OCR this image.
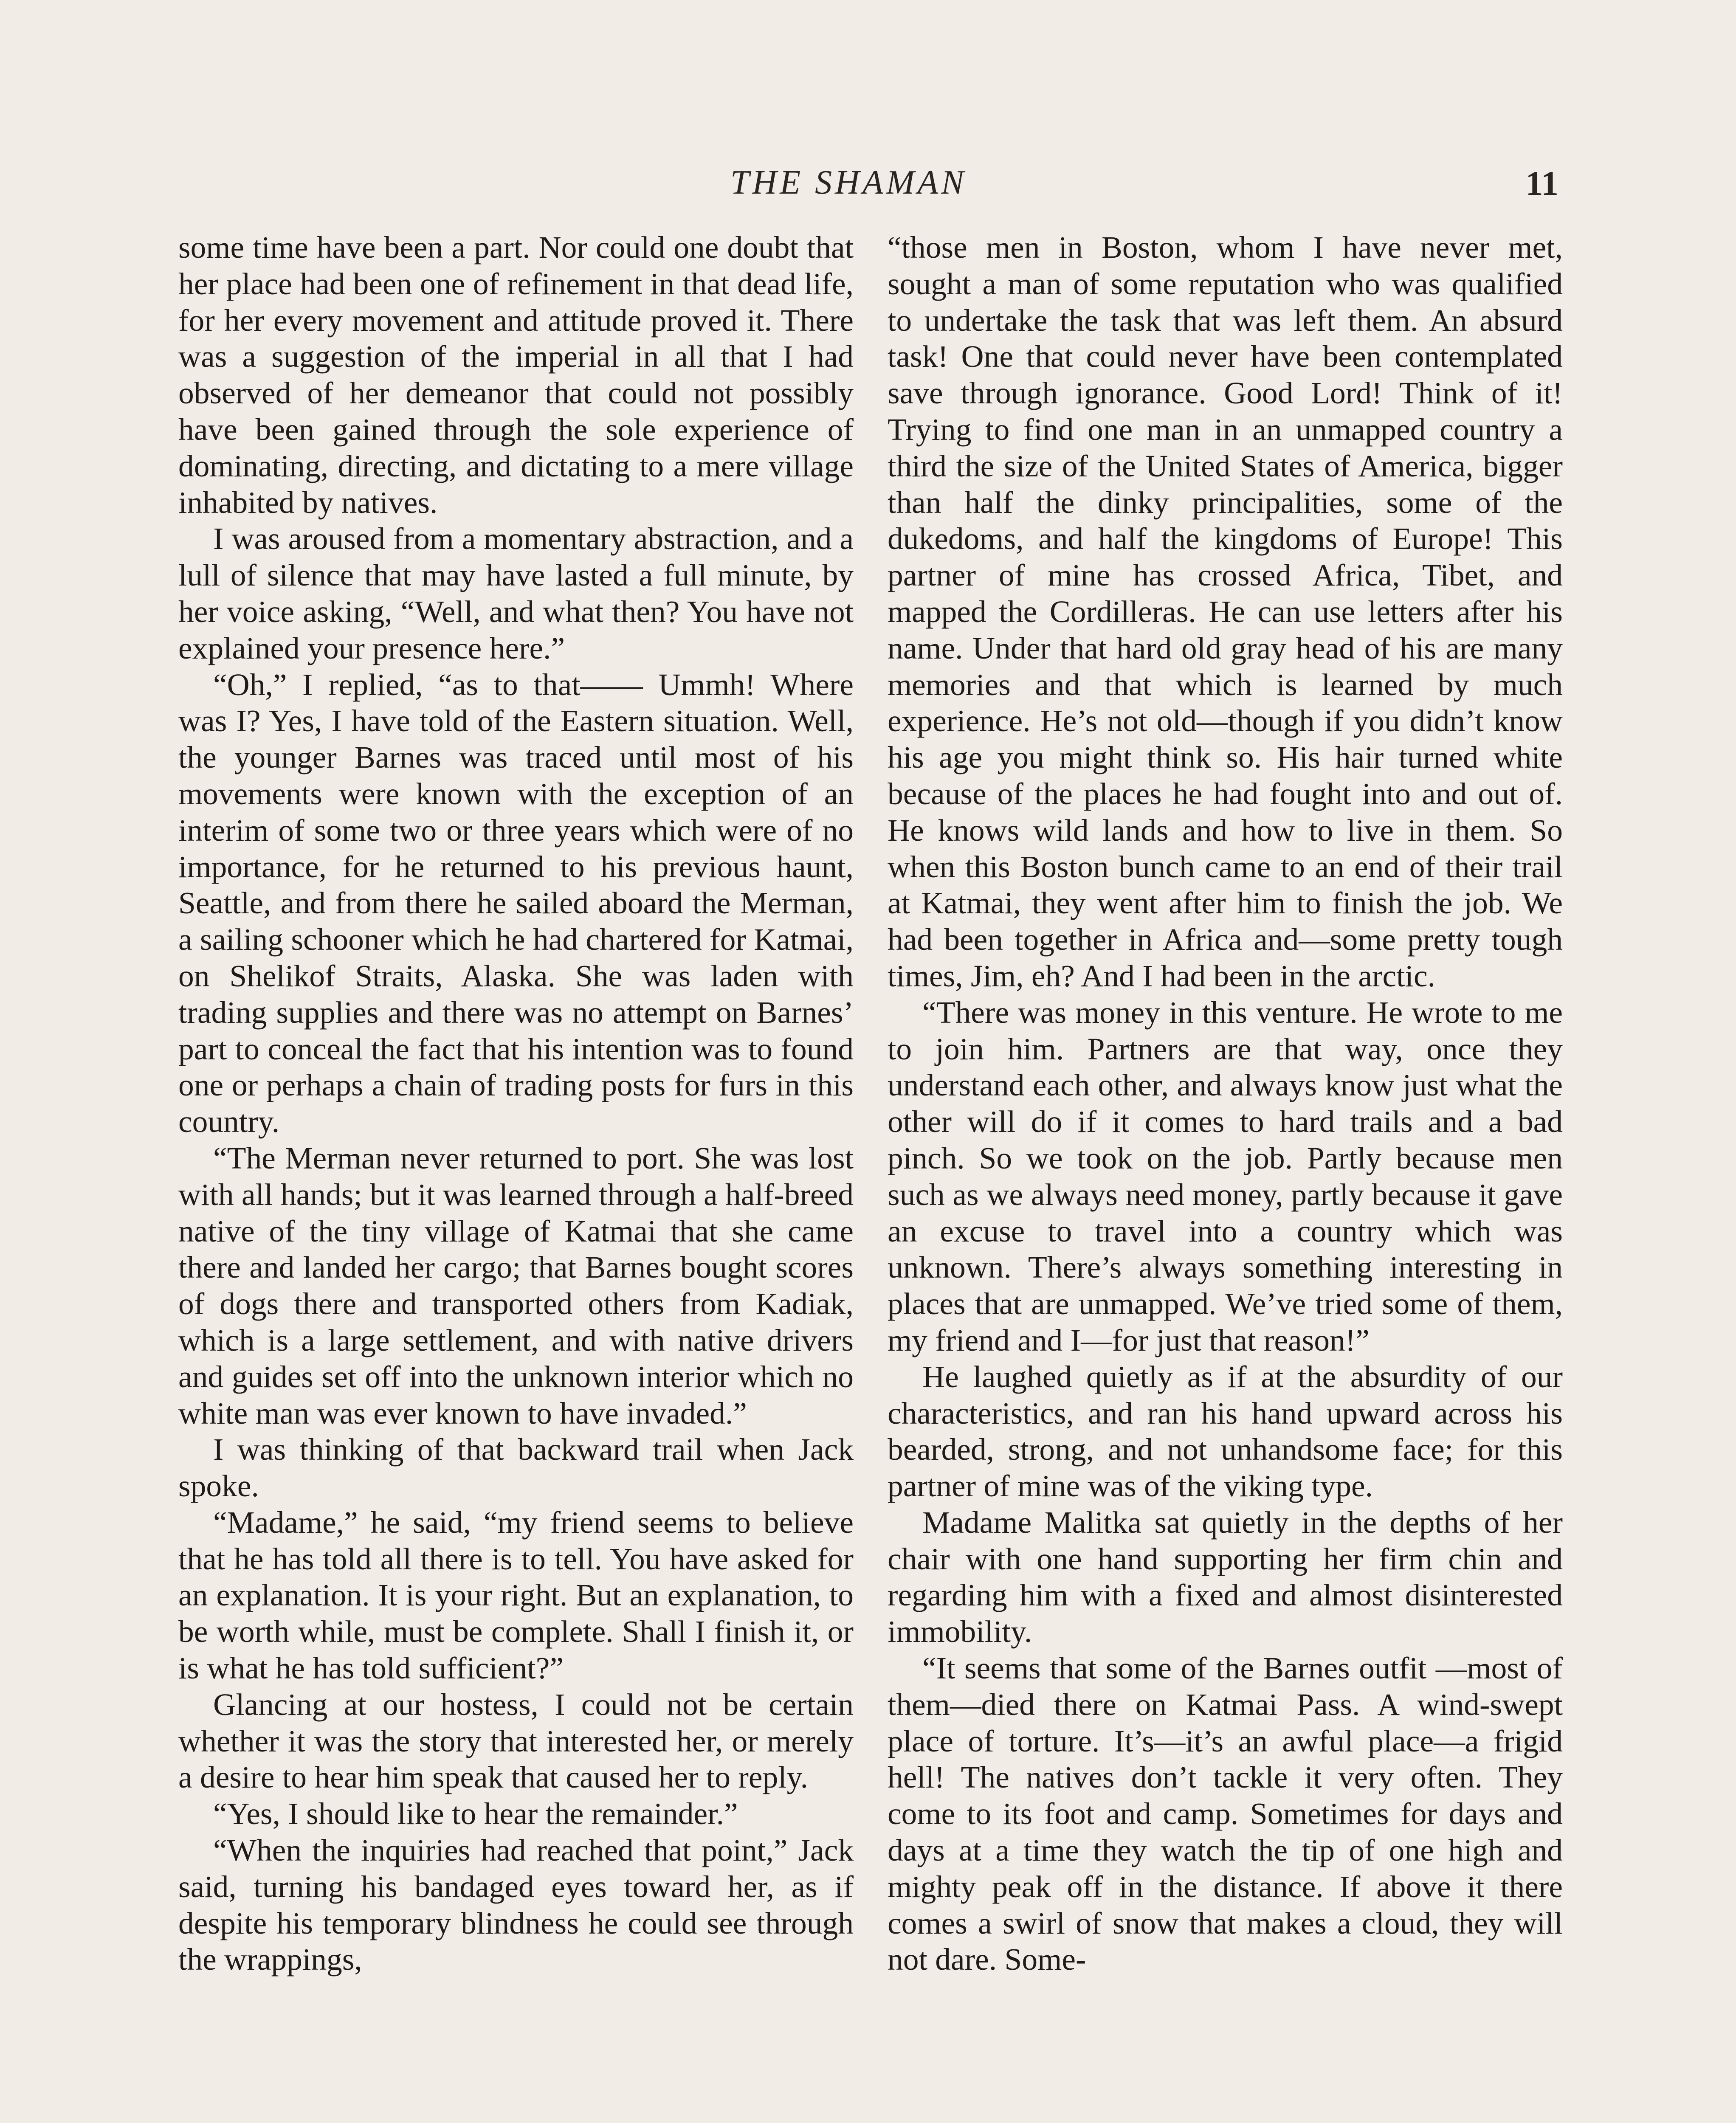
THE SHAMAN	11

some time have been a part. Nor could one doubt that her place had been one of refinement in that dead life, for her every movement and attitude proved it. There was a suggestion of the imperial in all that I had observed of her demeanor that could not possibly have been gained through the sole experience of dominating, directing, and dictating to a mere village inhabited by natives.

I was aroused from a momentary abstraction, and a lull of silence that may have lasted a full minute, by her voice asking, “Well, and what then? You have not explained your presence here.”

“Oh,” I replied, “as to that—— Ummh! Where was I? Yes, I have told of the Eastern situation. Well, the younger Barnes was traced until most of his movements were known with the exception of an interim of some two or three years which were of no importance, for he returned to his previous haunt, Seattle, and from there he sailed aboard the Merman, a sailing schooner which he had chartered for Katmai, on Shelikof Straits, Alaska. She was laden with trading supplies and there was no attempt on Barnes’ part to conceal the fact that his intention was to found one or perhaps a chain of trading posts for furs in this country.

“The Merman never returned to port. She was lost with all hands; but it was learned through a half-breed native of the tiny village of Katmai that she came there and landed her cargo; that Barnes bought scores of dogs there and transported others from Kadiak, which is a large settlement, and with native drivers and guides set off into the unknown interior which no white man was ever known to have invaded.”

I was thinking of that backward trail when Jack spoke.

“Madame,” he said, “my friend seems to believe that he has told all there is to tell. You have asked for an explanation. It is your right. But an explanation, to be worth while, must be complete. Shall I finish it, or is what he has told sufficient?”

Glancing at our hostess, I could not be certain whether it was the story that interested her, or merely a desire to hear him speak that caused her to reply.

“Yes, I should like to hear the remainder.”

“When the inquiries had reached that point,” Jack said, turning his bandaged eyes toward her, as if despite his temporary blindness he could see through the wrappings,

“those men in Boston, whom I have never met, sought a man of some reputation who was qualified to undertake the task that was left them. An absurd task! One that could never have been contemplated save through ignorance. Good Lord! Think of it! Trying to find one man in an unmapped country a third the size of the United States of America, bigger than half the dinky principalities, some of the dukedoms, and half the kingdoms of Europe! This partner of mine has crossed Africa, Tibet, and mapped the Cordilleras. He can use letters after his name. Under that hard old gray head of his are many memories and that which is learned by much experience. He’s not old—though if you didn’t know his age you might think so. His hair turned white because of the places he had fought into and out of. He knows wild lands and how to live in them. So when this Boston bunch came to an end of their trail at Katmai, they went after him to finish the job. We had been together in Africa and—some pretty tough times, Jim, eh? And I had been in the arctic.

“There was money in this venture. He wrote to me to join him. Partners are that way, once they understand each other, and always know just what the other will do if it comes to hard trails and a bad pinch. So we took on the job. Partly because men such as we always need money, partly because it gave an excuse to travel into a country which was unknown. There’s always something interesting in places that are unmapped. We’ve tried some of them, my friend and I—for just that reason!”

He laughed quietly as if at the absurdity of our characteristics, and ran his hand upward across his bearded, strong, and not unhandsome face; for this partner of mine was of the viking type.

Madame Malitka sat quietly in the depths of her chair with one hand supporting her firm chin and regarding him with a fixed and almost disinterested immobility.

“It seems that some of the Barnes outfit —most of them—died there on Katmai Pass. A wind-swept place of torture. It’s—it’s an awful place—a frigid hell! The natives don’t tackle it very often. They come to its foot and camp. Sometimes for days and days at a time they watch the tip of one high and mighty peak off in the distance. If above it there comes a swirl of snow that makes a cloud, they will not dare. Some-
